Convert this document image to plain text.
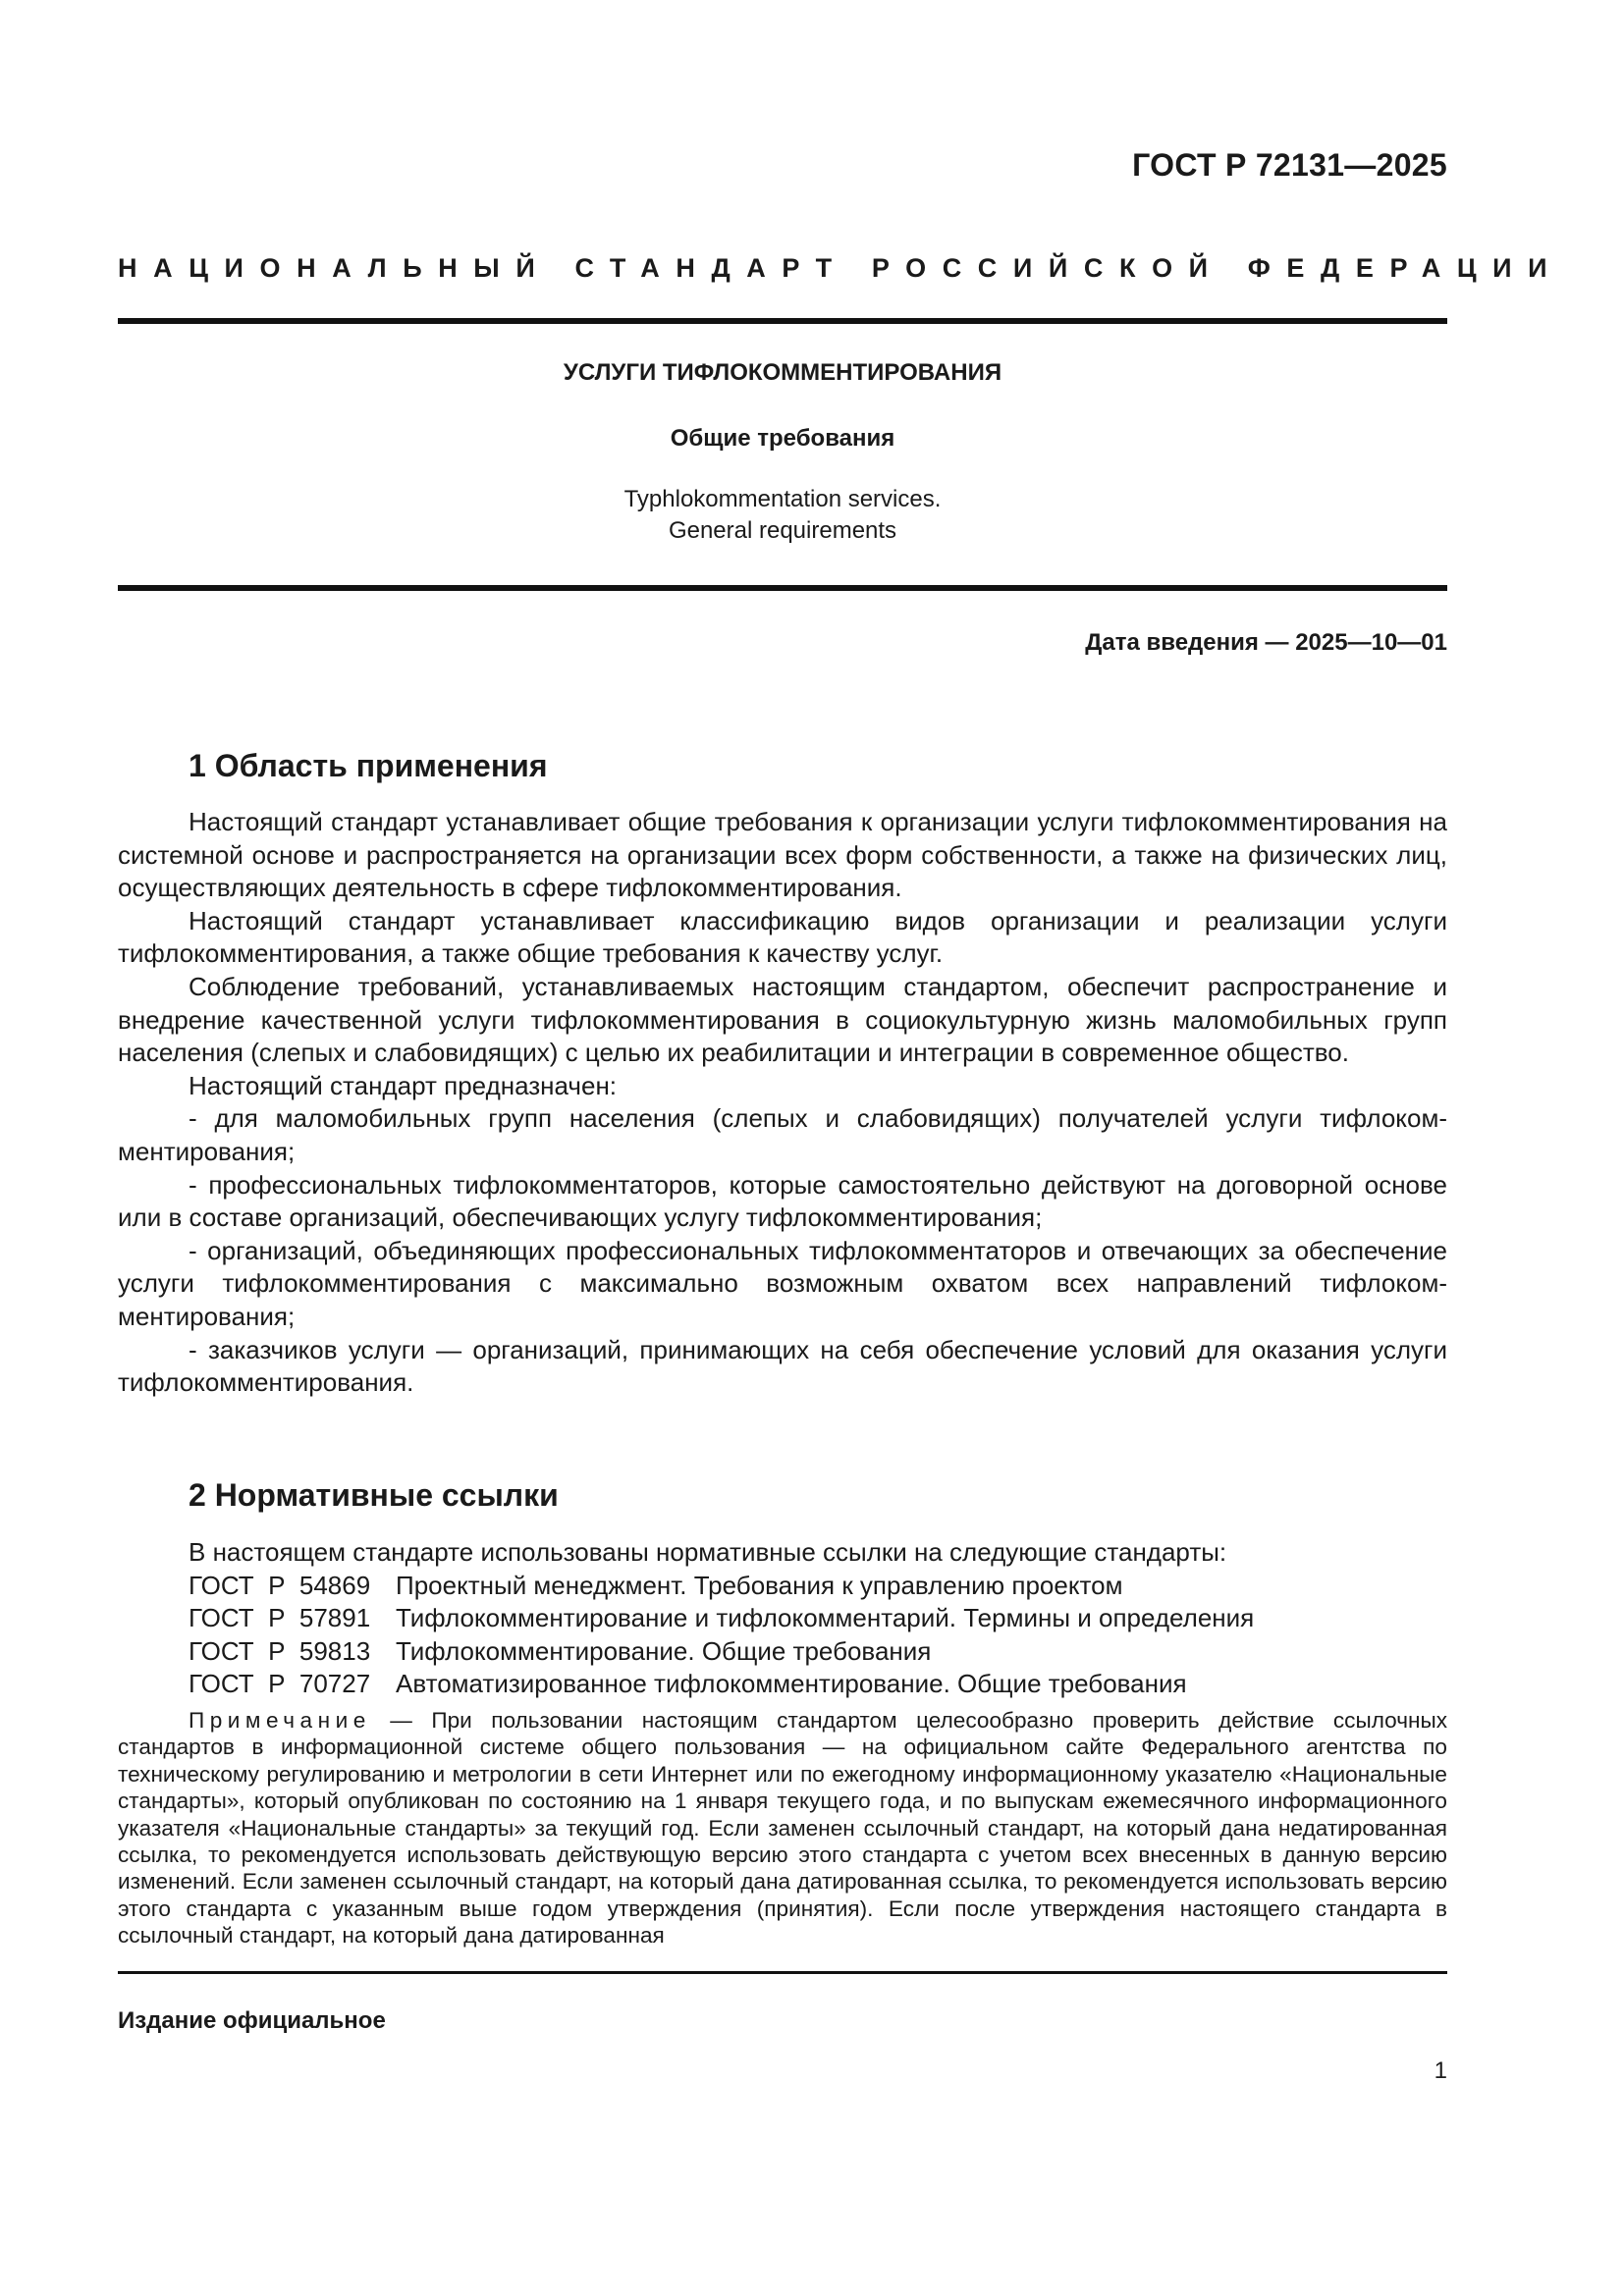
ГОСТ Р 72131—2025
НАЦИОНАЛЬНЫЙ СТАНДАРТ РОССИЙСКОЙ ФЕДЕРАЦИИ
УСЛУГИ ТИФЛОКОММЕНТИРОВАНИЯ
Общие требования
Typhlokommentation services.
General requirements
Дата введения — 2025—10—01
1 Область применения

Настоящий стандарт устанавливает общие требования к организации услуги тифлокомментирования на системной основе и распространяется на организации всех форм собственности, а также на физических лиц, осуществляющих деятельность в сфере тифлокомментирования.

Настоящий стандарт устанавливает классификацию видов организации и реализации услуги тифлокомментирования, а также общие требования к качеству услуг.

Соблюдение требований, устанавливаемых настоящим стандартом, обеспечит распространение и внедрение качественной услуги тифлокомментирования в социокультурную жизнь маломобильных групп населения (слепых и слабовидящих) с целью их реабилитации и интеграции в современное общество.

Настоящий стандарт предназначен:

- для маломобильных групп населения (слепых и слабовидящих) получателей услуги тифлокомментирования;

- профессиональных тифлокомментаторов, которые самостоятельно действуют на договорной основе или в составе организаций, обеспечивающих услугу тифлокомментирования;

- организаций, объединяющих профессиональных тифлокомментаторов и отвечающих за обеспечение услуги тифлокомментирования с максимально возможным охватом всех направлений тифлокомментирования;

- заказчиков услуги — организаций, принимающих на себя обеспечение условий для оказания услуги тифлокомментирования.

2 Нормативные ссылки
В настоящем стандарте использованы нормативные ссылки на следующие стандарты:
ГОСТ  Р  54869 Проектный менеджмент. Требования к управлению проектом
ГОСТ  Р  57891 Тифлокомментирование и тифлокомментарий. Термины и определения
ГОСТ  Р  59813 Тифлокомментирование. Общие требования
ГОСТ  Р  70727 Автоматизированное тифлокомментирование. Общие требования

Примечание — При пользовании настоящим стандартом целесообразно проверить действие ссылочных стандартов в информационной системе общего пользования — на официальном сайте Федерального агентства по техническому регулированию и метрологии в сети Интернет или по ежегодному информационному указателю «Национальные стандарты», который опубликован по состоянию на 1 января текущего года, и по выпускам ежемесячного информационного указателя «Национальные стандарты» за текущий год. Если заменен ссылочный стандарт, на который дана недатированная ссылка, то рекомендуется использовать действующую версию этого стандарта с учетом всех внесенных в данную версию изменений. Если заменен ссылочный стандарт, на который дана датированная ссылка, то рекомендуется использовать версию этого стандарта с указанным выше годом утверждения (принятия). Если после утверждения настоящего стандарта в ссылочный стандарт, на который дана датированная

Издание официальное
1
